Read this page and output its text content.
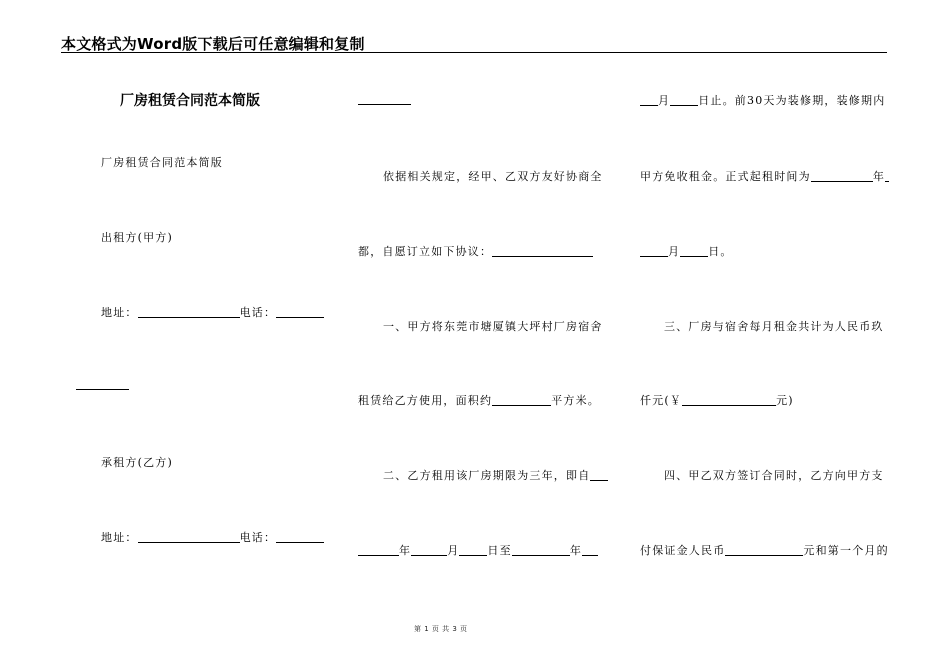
本文格式为Word版下载后可任意编辑和复制
厂房租赁合同范本简版
厂房租赁合同范本简版
出租方(甲方)
地址：	电话：
承租方(乙方)
地址：	电话：
依据相关规定，经甲、乙双方友好协商全
都，自愿订立如下协议：
一、甲方将东莞市塘厦镇大坪村厂房宿舍
租赁给乙方使用，面积约	平方米。
二、乙方租用该厂房期限为三年，即自
年	月	日至	年
月	日止。前30天为装修期，装修期内
甲方免收租金。正式起租时间为	年
月	日。
三、厂房与宿舍每月租金共计为人民币玖
仟元(￥	元)
四、甲乙双方签订合同时，乙方向甲方支
付保证金人民币	元和第一个月的
第 1 页 共 3 页
